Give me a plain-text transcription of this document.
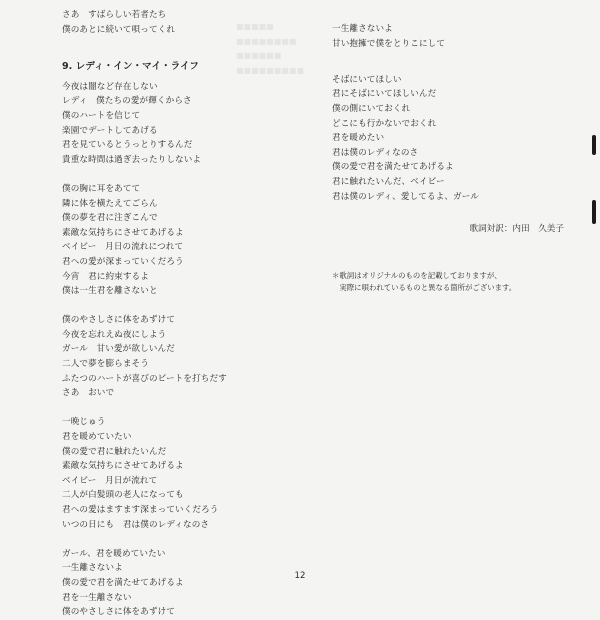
■■■■■
■■■■■■■■
■■■■■■
■■■■■■■■■
さあ　すばらしい若者たち
僕のあとに続いて唄ってくれ
9. レディ・イン・マイ・ライフ
今夜は闇など存在しない
レディ　僕たちの愛が輝くからさ
僕のハートを信じて
楽園でデートしてあげる
君を見ているとうっとりするんだ
貴重な時間は過ぎ去ったりしないよ
僕の胸に耳をあてて
隣に体を横たえてごらん
僕の夢を君に注ぎこんで
素敵な気持ちにさせてあげるよ
ベイビー　月日の流れにつれて
君への愛が深まっていくだろう
今宵　君に約束するよ
僕は一生君を離さないと
僕のやさしさに体をあずけて
今夜を忘れえぬ夜にしよう
ガール　甘い愛が欲しいんだ
二人で夢を膨らまそう
ふたつのハートが喜びのビートを打ちだす
さあ　おいで
一晩じゅう
君を暖めていたい
僕の愛で君に触れたいんだ
素敵な気持ちにさせてあげるよ
ベイビー　月日が流れて
二人が白髪頭の老人になっても
君への愛はますます深まっていくだろう
いつの日にも　君は僕のレディなのさ
ガール、君を暖めていたい
一生離さないよ
僕の愛で君を満たせてあげるよ
君を一生離さない
僕のやさしさに体をあずけて
一生離さないよ
甘い抱擁で僕をとりこにして
そばにいてほしい
君にそばにいてほしいんだ
僕の側にいておくれ
どこにも行かないでおくれ
君を暖めたい
君は僕のレディなのさ
僕の愛で君を満たせてあげるよ
君に触れたいんだ、ベイビー
君は僕のレディ、愛してるよ、ガール
歌詞対訳：内田　久美子
＊歌詞はオリジナルのものを記載しておりますが、
　実際に唄われているものと異なる箇所がございます。
12
